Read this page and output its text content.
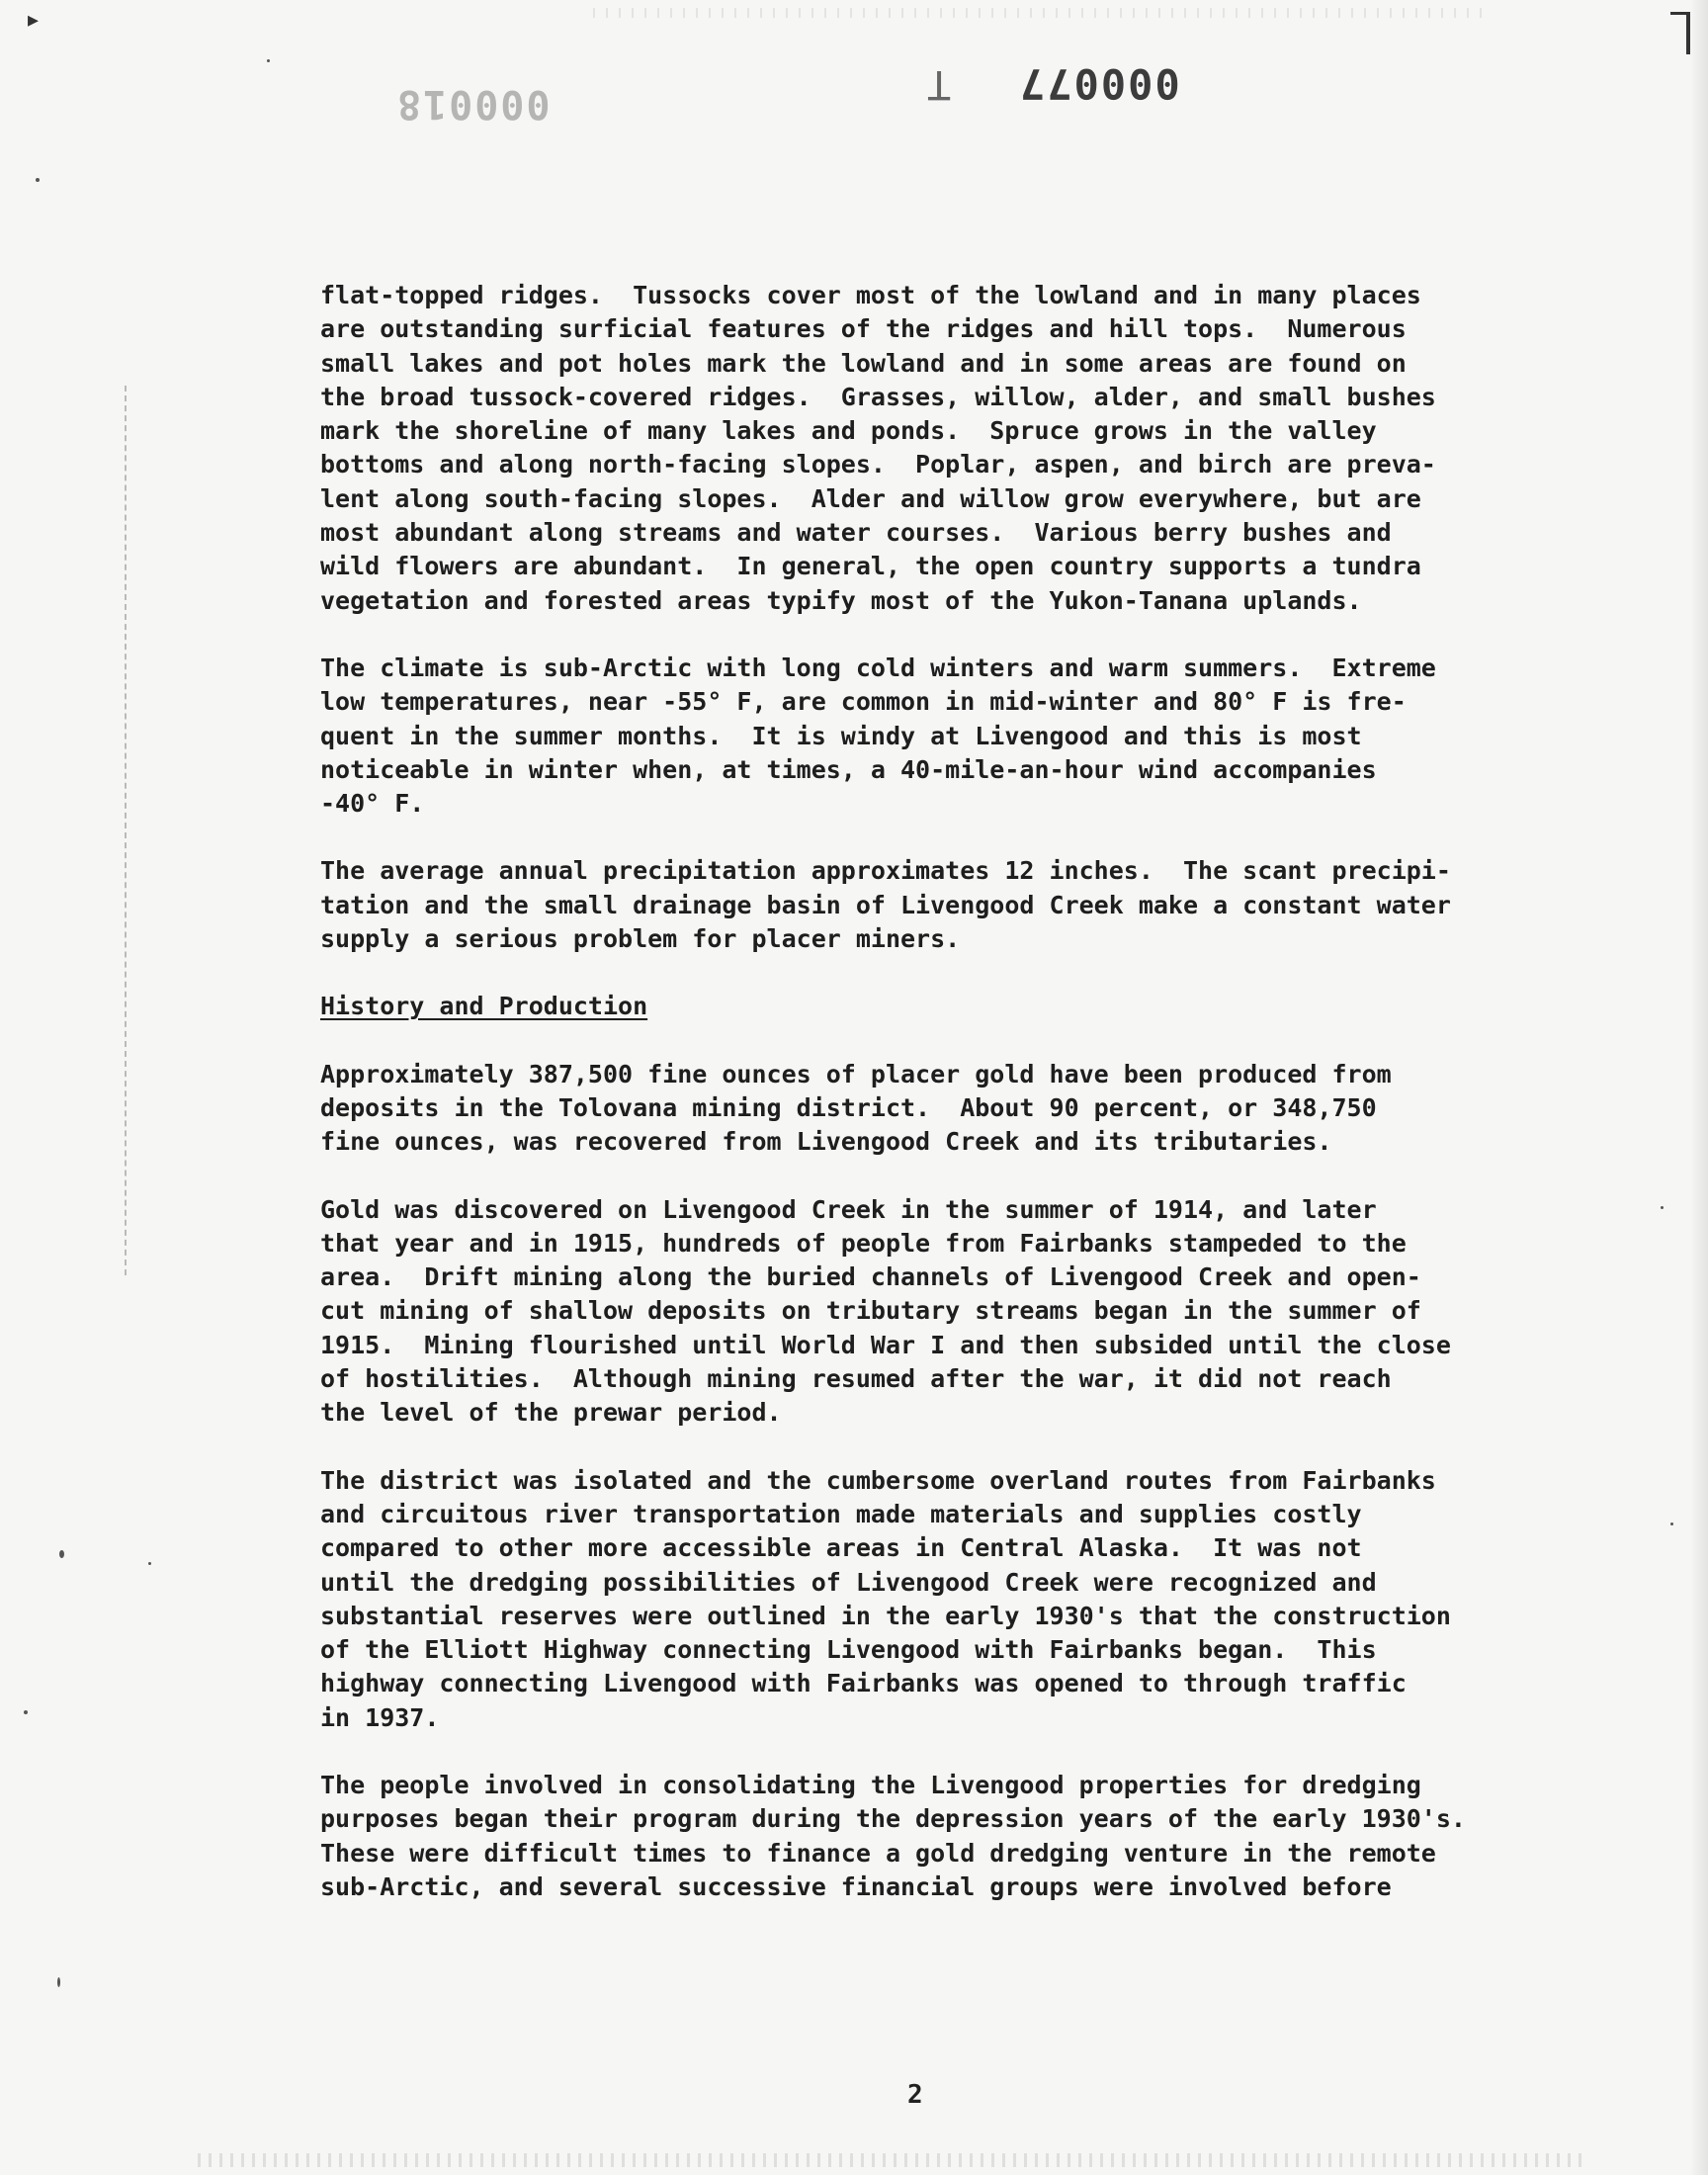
▸
000018	T 000077

flat-topped ridges.  Tussocks cover most of the lowland and in many places
are outstanding surficial features of the ridges and hill tops.  Numerous
small lakes and pot holes mark the lowland and in some areas are found on
the broad tussock-covered ridges.  Grasses, willow, alder, and small bushes
mark the shoreline of many lakes and ponds.  Spruce grows in the valley
bottoms and along north-facing slopes.  Poplar, aspen, and birch are preva-
lent along south-facing slopes.  Alder and willow grow everywhere, but are
most abundant along streams and water courses.  Various berry bushes and
wild flowers are abundant.  In general, the open country supports a tundra
vegetation and forested areas typify most of the Yukon-Tanana uplands.

The climate is sub-Arctic with long cold winters and warm summers.  Extreme
low temperatures, near -55° F, are common in mid-winter and 80° F is fre-
quent in the summer months.  It is windy at Livengood and this is most
noticeable in winter when, at times, a 40-mile-an-hour wind accompanies
-40° F.

The average annual precipitation approximates 12 inches.  The scant precipi-
tation and the small drainage basin of Livengood Creek make a constant water
supply a serious problem for placer miners.

History and Production

Approximately 387,500 fine ounces of placer gold have been produced from
deposits in the Tolovana mining district.  About 90 percent, or 348,750
fine ounces, was recovered from Livengood Creek and its tributaries.

Gold was discovered on Livengood Creek in the summer of 1914, and later
that year and in 1915, hundreds of people from Fairbanks stampeded to the
area.  Drift mining along the buried channels of Livengood Creek and open-
cut mining of shallow deposits on tributary streams began in the summer of
1915.  Mining flourished until World War I and then subsided until the close
of hostilities.  Although mining resumed after the war, it did not reach
the level of the prewar period.

The district was isolated and the cumbersome overland routes from Fairbanks
and circuitous river transportation made materials and supplies costly
compared to other more accessible areas in Central Alaska.  It was not
until the dredging possibilities of Livengood Creek were recognized and
substantial reserves were outlined in the early 1930's that the construction
of the Elliott Highway connecting Livengood with Fairbanks began.  This
highway connecting Livengood with Fairbanks was opened to through traffic
in 1937.

The people involved in consolidating the Livengood properties for dredging
purposes began their program during the depression years of the early 1930's.
These were difficult times to finance a gold dredging venture in the remote
sub-Arctic, and several successive financial groups were involved before

2
